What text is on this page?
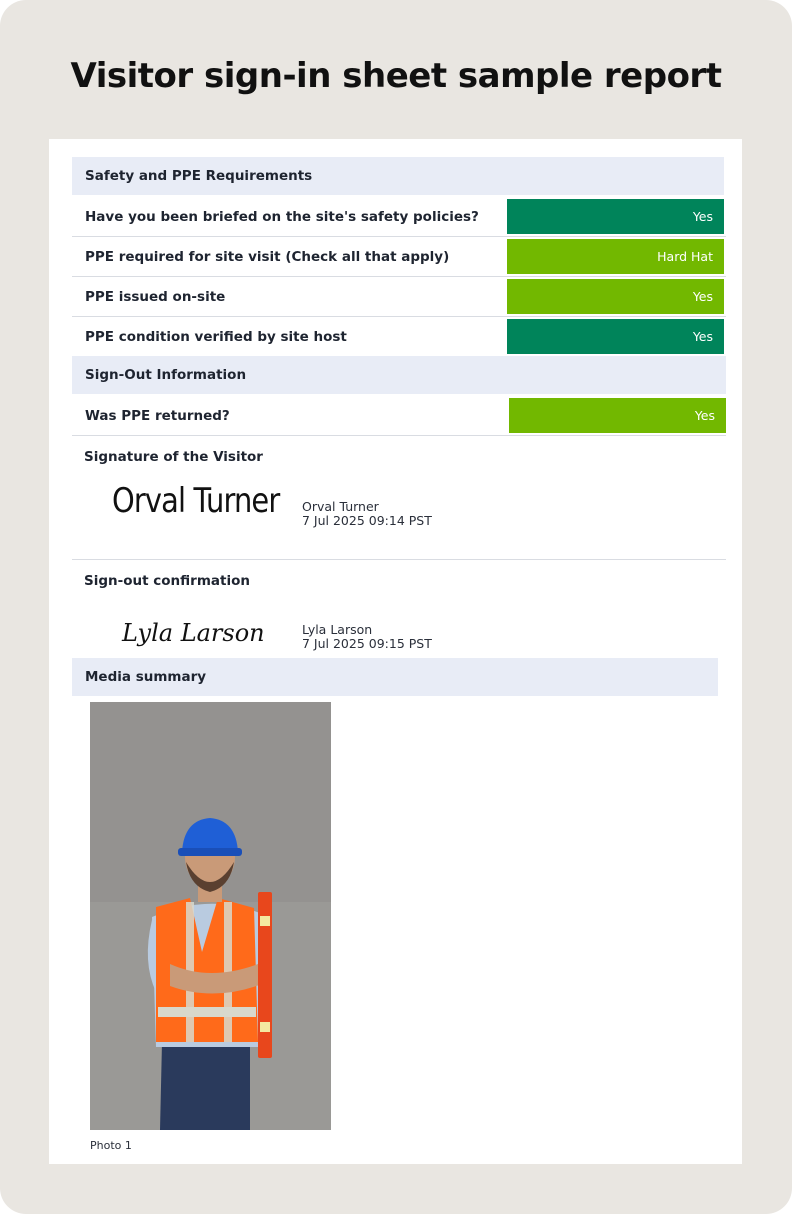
Visitor sign-in sheet sample report
Safety and PPE Requirements
Have you been briefed on the site's safety policies?	Yes
PPE required for site visit (Check all that apply)	Hard Hat
PPE issued on-site	Yes
PPE condition verified by site host	Yes
Sign-Out Information
Was PPE returned?	Yes
Signature of the Visitor
Orval Turner Orval Turner
7 Jul 2025 09:14 PST
Sign-out confirmation
Lyla Larson	Lyla Larson
7 Jul 2025 09:15 PST
Media summary
Photo 1
